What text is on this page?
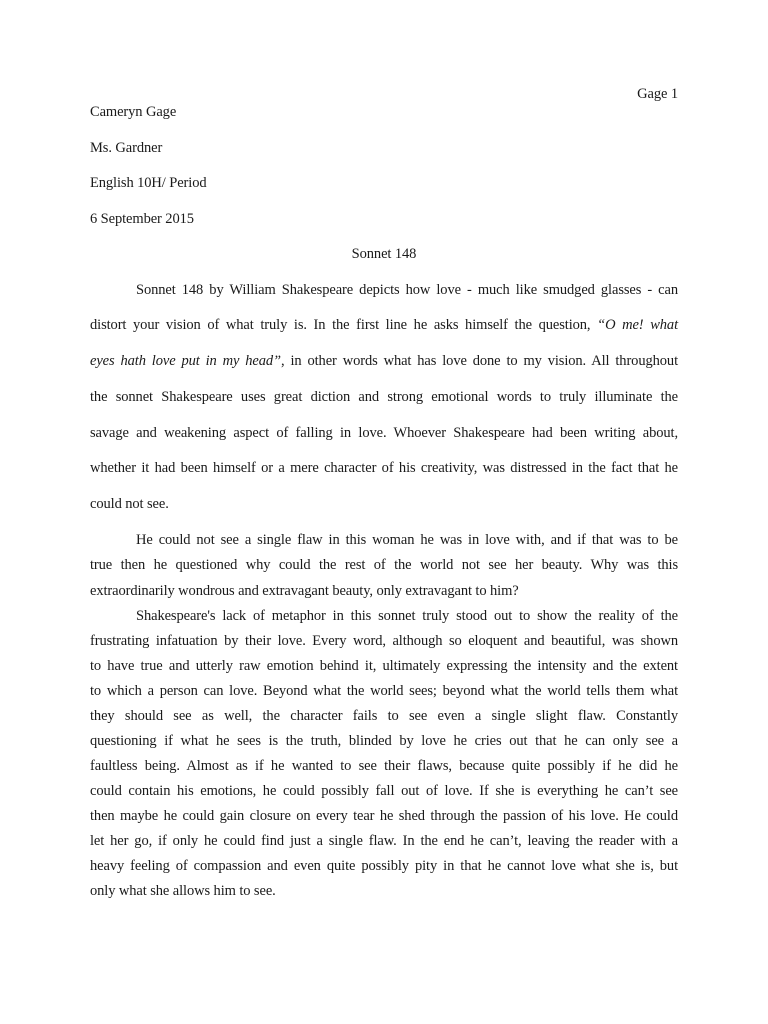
Gage 1
Cameryn Gage
Ms. Gardner
English 10H/ Period
6 September 2015
Sonnet 148
Sonnet 148 by William Shakespeare depicts how love - much like smudged glasses - can
distort your vision of what truly is. In the first line he asks himself the question, “O me! what
eyes hath love put in my head”, in other words what has love done to my vision. All throughout
the sonnet Shakespeare uses great diction and strong emotional words to truly illuminate the
savage and weakening aspect of falling in love. Whoever Shakespeare had been writing about,
whether it had been himself or a mere character of his creativity, was distressed in the fact that he
could not see.
He could not see a single flaw in this woman he was in love with, and if that was to be
true then he questioned why could the rest of the world not see her beauty. Why was this
extraordinarily wondrous and extravagant beauty, only extravagant to him?
Shakespeare's lack of metaphor in this sonnet truly stood out to show the reality of the
frustrating infatuation by their love. Every word, although so eloquent and beautiful, was shown
to have true and utterly raw emotion behind it, ultimately expressing the intensity and the extent
to which a person can love. Beyond what the world sees; beyond what the world tells them what
they should see as well, the character fails to see even a single slight flaw. Constantly
questioning if what he sees is the truth, blinded by love he cries out that he can only see a
faultless being. Almost as if he wanted to see their flaws, because quite possibly if he did he
could contain his emotions, he could possibly fall out of love. If she is everything he can’t see
then maybe he could gain closure on every tear he shed through the passion of his love. He could
let her go, if only he could find just a single flaw. In the end he can’t, leaving the reader with a
heavy feeling of compassion and even quite possibly pity in that he cannot love what she is, but
only what she allows him to see.
